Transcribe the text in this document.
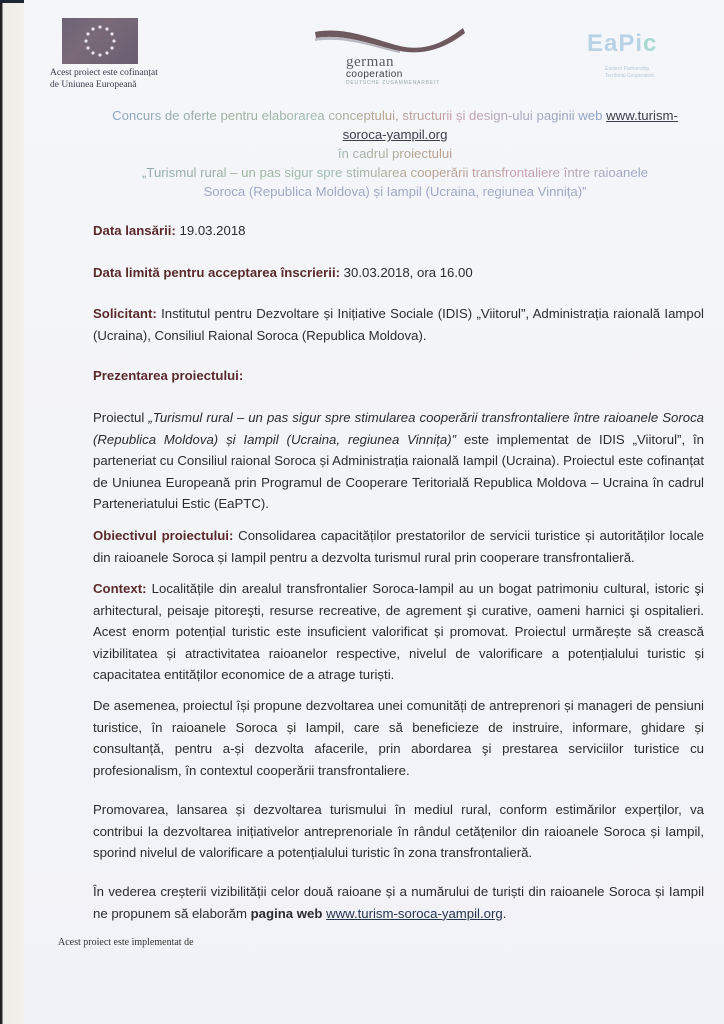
Acest proiect este cofinanțat
de Uniunea Europeană
german
cooperation
DEUTSCHE ZUSAMMENARBEIT
EaPic
Eastern Partnership
Territorial Cooperation
Concurs de oferte pentru elaborarea conceptului, structurii și design-ului paginii web www.turism-
soroca-yampil.org
în cadrul proiectului
„Turismul rural – un pas sigur spre stimularea cooperării transfrontaliere între raioanele
Soroca (Republica Moldova) și Iampil (Ucraina, regiunea Vinnița)”
Data lansării: 19.03.2018
Data limită pentru acceptarea înscrierii: 30.03.2018, ora 16.00
Solicitant: Institutul pentru Dezvoltare și Inițiative Sociale (IDIS) „Viitorul”, Administrația raională Iampol (Ucraina), Consiliul Raional Soroca (Republica Moldova).
Prezentarea proiectului:
Proiectul „Turismul rural – un pas sigur spre stimularea cooperării transfrontaliere între raioanele Soroca (Republica Moldova) și Iampil (Ucraina, regiunea Vinnița)” este implementat de IDIS „Viitorul”, în parteneriat cu Consiliul raional Soroca și Administrația raională Iampil (Ucraina). Proiectul este cofinanțat de Uniunea Europeană prin Programul de Cooperare Teritorială Republica Moldova – Ucraina în cadrul Parteneriatului Estic (EaPTC).
Obiectivul proiectului: Consolidarea capacităților prestatorilor de servicii turistice și autorităților locale din raioanele Soroca și Iampil pentru a dezvolta turismul rural prin cooperare transfrontalieră.
Context: Localitățile din arealul transfrontalier Soroca-Iampil au un bogat patrimoniu cultural, istoric şi arhitectural, peisaje pitoreşti, resurse recreative, de agrement şi curative, oameni harnici şi ospitalieri. Acest enorm potențial turistic este insuficient valorificat și promovat. Proiectul urmărește să crească vizibilitatea și atractivitatea raioanelor respective, nivelul de valorificare a potențialului turistic și capacitatea entităților economice de a atrage turiști.
De asemenea, proiectul își propune dezvoltarea unei comunități de antreprenori și manageri de pensiuni turistice, în raioanele Soroca și Iampil, care să beneficieze de instruire, informare, ghidare și consultanță, pentru a-și dezvolta afacerile, prin abordarea şi prestarea serviciilor turistice cu profesionalism, în contextul cooperării transfrontaliere.
Promovarea, lansarea și dezvoltarea turismului în mediul rural, conform estimărilor experților, va contribui la dezvoltarea inițiativelor antreprenoriale în rândul cetățenilor din raioanele Soroca și Iampil, sporind nivelul de valorificare a potențialului turistic în zona transfrontalieră.
În vederea creșterii vizibilității celor două raioane și a numărului de turiști din raioanele Soroca și Iampil ne propunem să elaborăm pagina web www.turism-soroca-yampil.org.
Acest proiect este implementat de
